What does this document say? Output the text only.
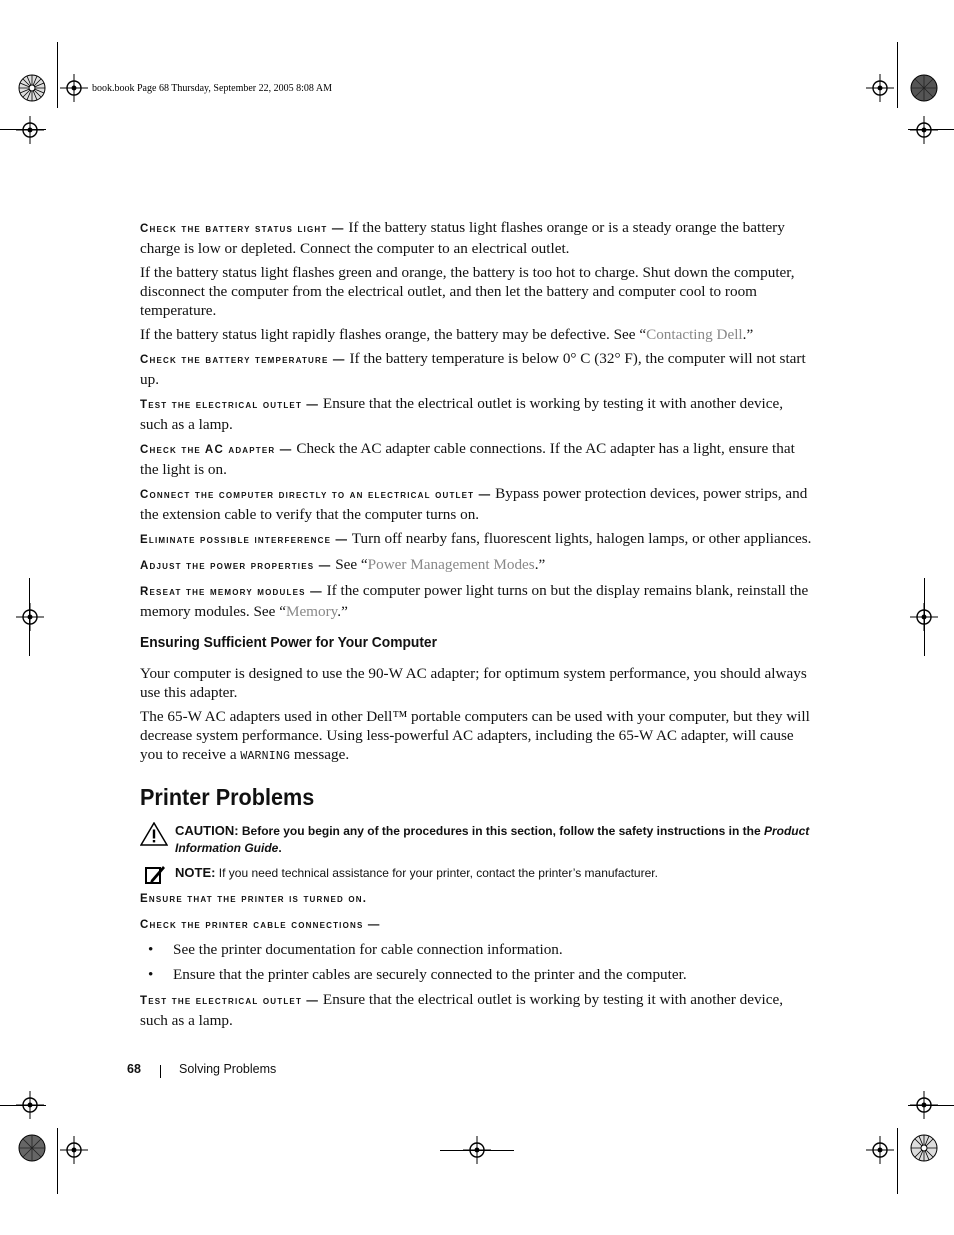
book.book Page 68 Thursday, September 22, 2005 8:08 AM

Check the battery status light — If the battery status light flashes orange or is a steady orange the battery charge is low or depleted. Connect the computer to an electrical outlet.

If the battery status light flashes green and orange, the battery is too hot to charge. Shut down the computer, disconnect the computer from the electrical outlet, and then let the battery and computer cool to room temperature.

If the battery status light rapidly flashes orange, the battery may be defective. See “Contacting Dell.”

Check the battery temperature — If the battery temperature is below 0° C (32° F), the computer will not start up.

Test the electrical outlet — Ensure that the electrical outlet is working by testing it with another device, such as a lamp.

Check the AC adapter — Check the AC adapter cable connections. If the AC adapter has a light, ensure that the light is on.

Connect the computer directly to an electrical outlet — Bypass power protection devices, power strips, and the extension cable to verify that the computer turns on.

Eliminate possible interference — Turn off nearby fans, fluorescent lights, halogen lamps, or other appliances.

Adjust the power properties — See “Power Management Modes.”

Reseat the memory modules — If the computer power light turns on but the display remains blank, reinstall the memory modules. See “Memory.”

Ensuring Sufficient Power for Your Computer

Your computer is designed to use the 90-W AC adapter; for optimum system performance, you should always use this adapter.

The 65-W AC adapters used in other Dell™ portable computers can be used with your computer, but they will decrease system performance. Using less-powerful AC adapters, including the 65-W AC adapter, will cause you to receive a WARNING message.

Printer Problems
CAUTION: Before you begin any of the procedures in this section, follow the safety instructions in the Product Information Guide.
NOTE: If you need technical assistance for your printer, contact the printer’s manufacturer.

Ensure that the printer is turned on.

Check the printer cable connections —

• See the printer documentation for cable connection information.
• Ensure that the printer cables are securely connected to the printer and the computer.

Test the electrical outlet — Ensure that the electrical outlet is working by testing it with another device, such as a lamp.

68	Solving Problems
